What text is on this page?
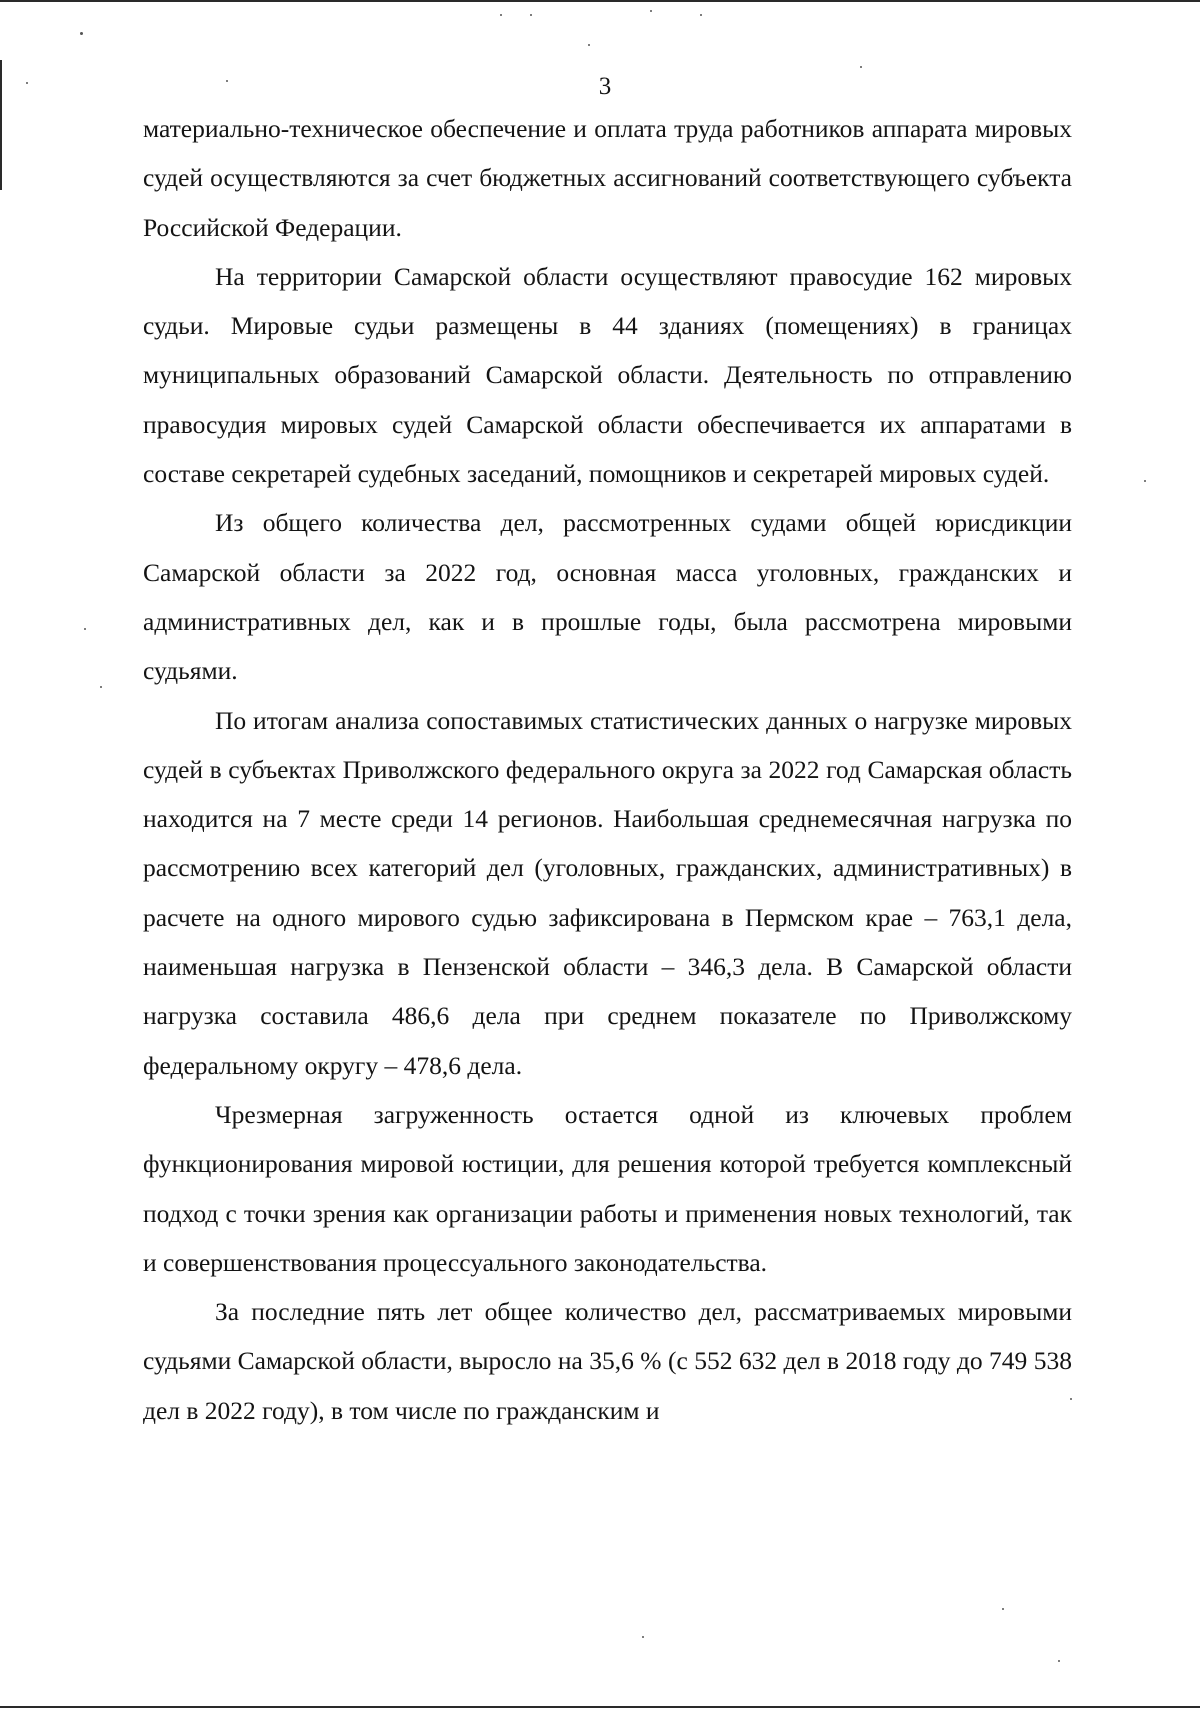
3

материально-техническое обеспечение и оплата труда работников аппарата мировых судей осуществляются за счет бюджетных ассигнований соответствующего субъекта Российской Федерации.

На территории Самарской области осуществляют правосудие 162 мировых судьи. Мировые судьи размещены в 44 зданиях (помещениях) в границах муниципальных образований Самарской области. Деятельность по отправлению правосудия мировых судей Самарской области обеспечивается их аппаратами в составе секретарей судебных заседаний, помощников и секретарей мировых судей.

Из общего количества дел, рассмотренных судами общей юрисдикции Самарской области за 2022 год, основная масса уголовных, гражданских и административных дел, как и в прошлые годы, была рассмотрена мировыми судьями.

По итогам анализа сопоставимых статистических данных о нагрузке мировых судей в субъектах Приволжского федерального округа за 2022 год Самарская область находится на 7 месте среди 14 регионов. Наибольшая среднемесячная нагрузка по рассмотрению всех категорий дел (уголовных, гражданских, административных) в расчете на одного мирового судью зафиксирована в Пермском крае – 763,1 дела, наименьшая нагрузка в Пензенской области – 346,3 дела. В Самарской области нагрузка составила 486,6 дела при среднем показателе по Приволжскому федеральному округу – 478,6 дела.

Чрезмерная загруженность остается одной из ключевых проблем функционирования мировой юстиции, для решения которой требуется комплексный подход с точки зрения как организации работы и применения новых технологий, так и совершенствования процессуального законодательства.

За последние пять лет общее количество дел, рассматриваемых мировыми судьями Самарской области, выросло на 35,6 % (с 552 632 дел в 2018 году до 749 538 дел в 2022 году), в том числе по гражданским и
